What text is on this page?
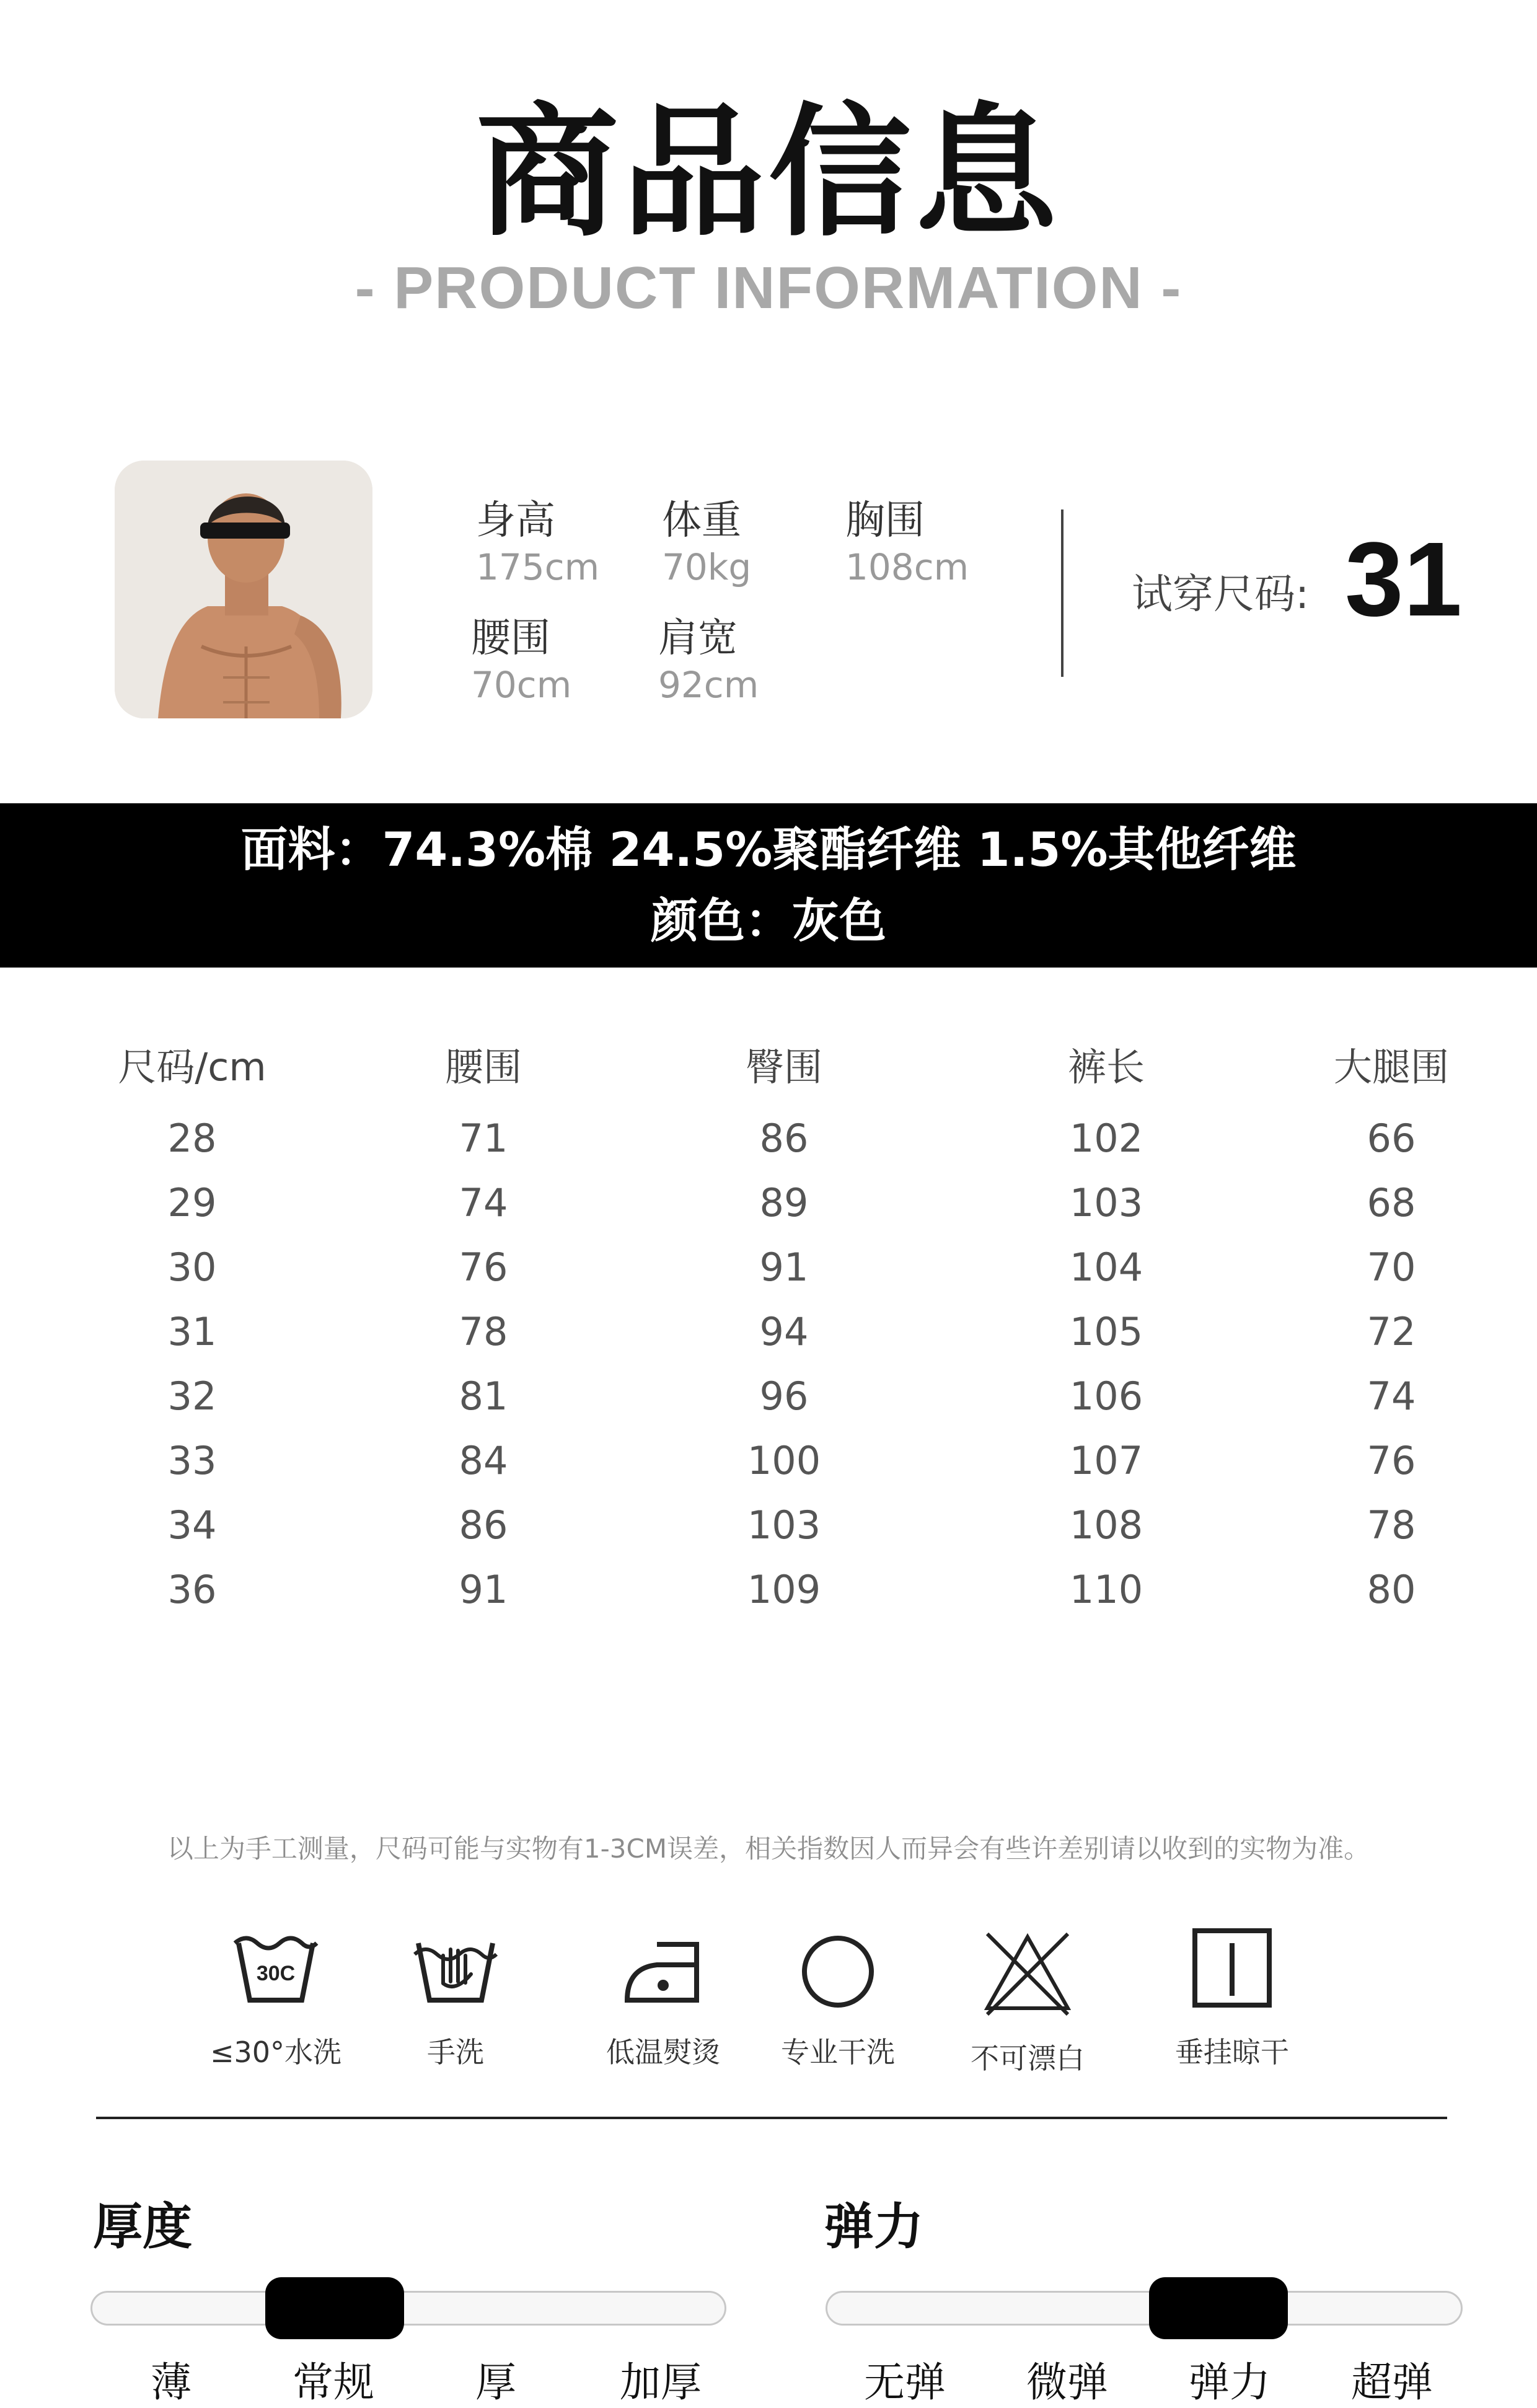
商品信息
- PRODUCT INFORMATION -
身高
175cm
体重
70kg
胸围
108cm
腰围
70cm
肩宽
92cm
试穿尺码: 31
面料：74.3%棉 24.5%聚酯纤维 1.5%其他纤维
颜色：灰色
尺码/cm	腰围	臀围	裤长	大腿围
28	71	86	102	66
29	74	89	103	68
30	76	91	104	70
31	78	94	105	72
32	81	96	106	74
33	84	100	107	76
34	86	103	108	78
36	91	109	110	80
以上为手工测量，尺码可能与实物有1-3CM误差，相关指数因人而异会有些许差别请以收到的实物为准。
30C
≤30°水洗	手洗	低温熨烫	专业干洗	不可漂白	垂挂晾干
厚度
薄	常规	厚	加厚
弹力
无弹	微弹	弹力	超弹
